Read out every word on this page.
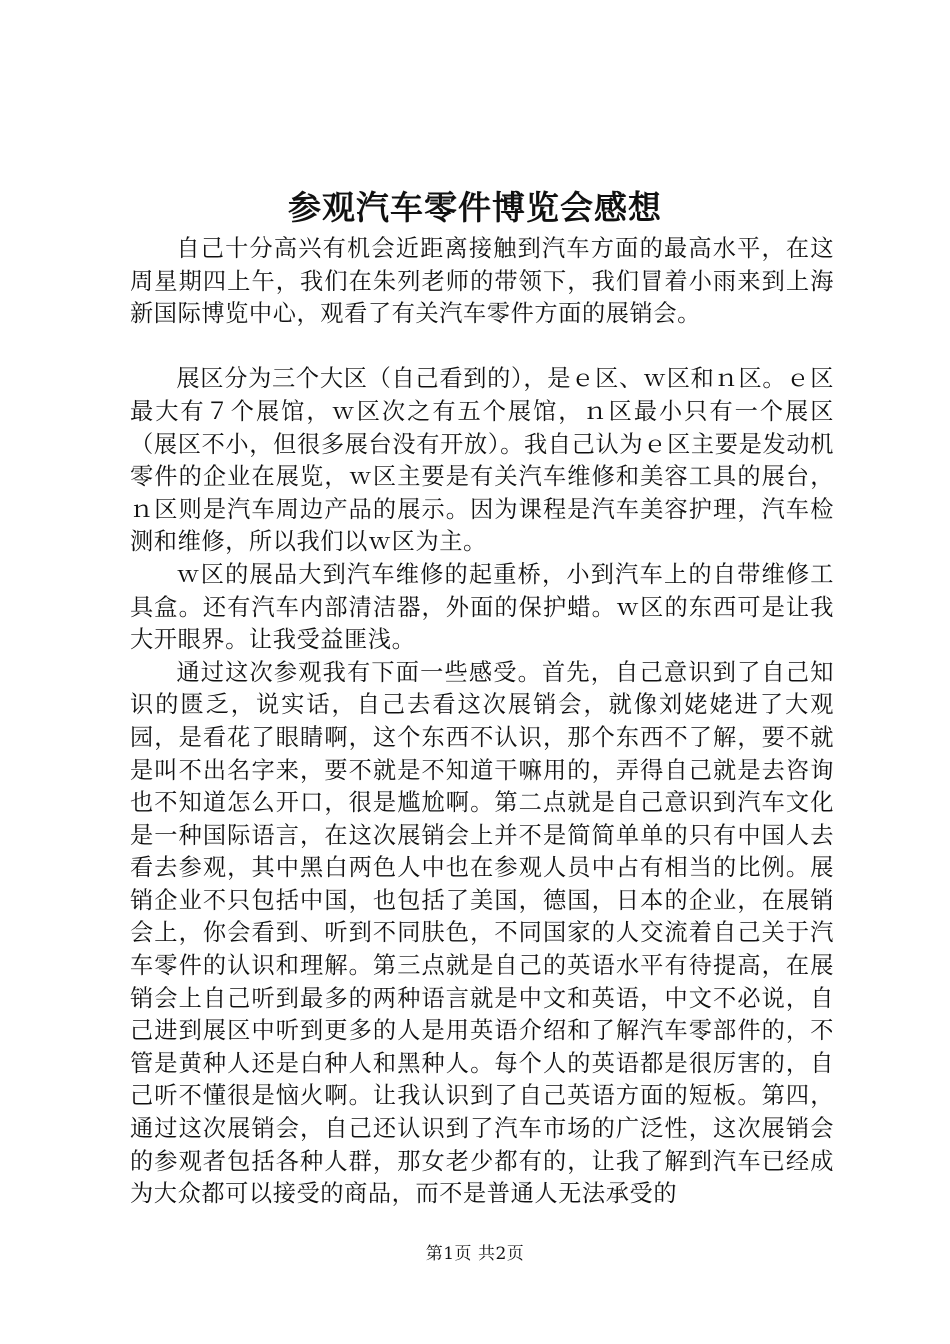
参观汽车零件博览会感想

自己十分高兴有机会近距离接触到汽车方面的最高水平，在这周星期四上午，我们在朱列老师的带领下，我们冒着小雨来到上海新国际博览中心，观看了有关汽车零件方面的展销会。

展区分为三个大区（自己看到的），是ｅ区、ｗ区和ｎ区。ｅ区最大有７个展馆，ｗ区次之有五个展馆，ｎ区最小只有一个展区（展区不小，但很多展台没有开放）。我自己认为ｅ区主要是发动机零件的企业在展览，ｗ区主要是有关汽车维修和美容工具的展台，ｎ区则是汽车周边产品的展示。因为课程是汽车美容护理，汽车检测和维修，所以我们以ｗ区为主。

ｗ区的展品大到汽车维修的起重桥，小到汽车上的自带维修工具盒。还有汽车内部清洁器，外面的保护蜡。ｗ区的东西可是让我大开眼界。让我受益匪浅。

通过这次参观我有下面一些感受。首先，自己意识到了自己知识的匮乏，说实话，自己去看这次展销会，就像刘姥姥进了大观园，是看花了眼睛啊，这个东西不认识，那个东西不了解，要不就是叫不出名字来，要不就是不知道干嘛用的，弄得自己就是去咨询也不知道怎么开口，很是尴尬啊。第二点就是自己意识到汽车文化是一种国际语言，在这次展销会上并不是简简单单的只有中国人去看去参观，其中黑白两色人中也在参观人员中占有相当的比例。展销企业不只包括中国，也包括了美国，德国，日本的企业，在展销会上，你会看到、听到不同肤色，不同国家的人交流着自己关于汽车零件的认识和理解。第三点就是自己的英语水平有待提高，在展销会上自己听到最多的两种语言就是中文和英语，中文不必说，自己进到展区中听到更多的人是用英语介绍和了解汽车零部件的，不管是黄种人还是白种人和黑种人。每个人的英语都是很厉害的，自己听不懂很是恼火啊。让我认识到了自己英语方面的短板。第四，通过这次展销会，自己还认识到了汽车市场的广泛性，这次展销会的参观者包括各种人群，那女老少都有的，让我了解到汽车已经成为大众都可以接受的商品，而不是普通人无法承受的

第1页 共2页
